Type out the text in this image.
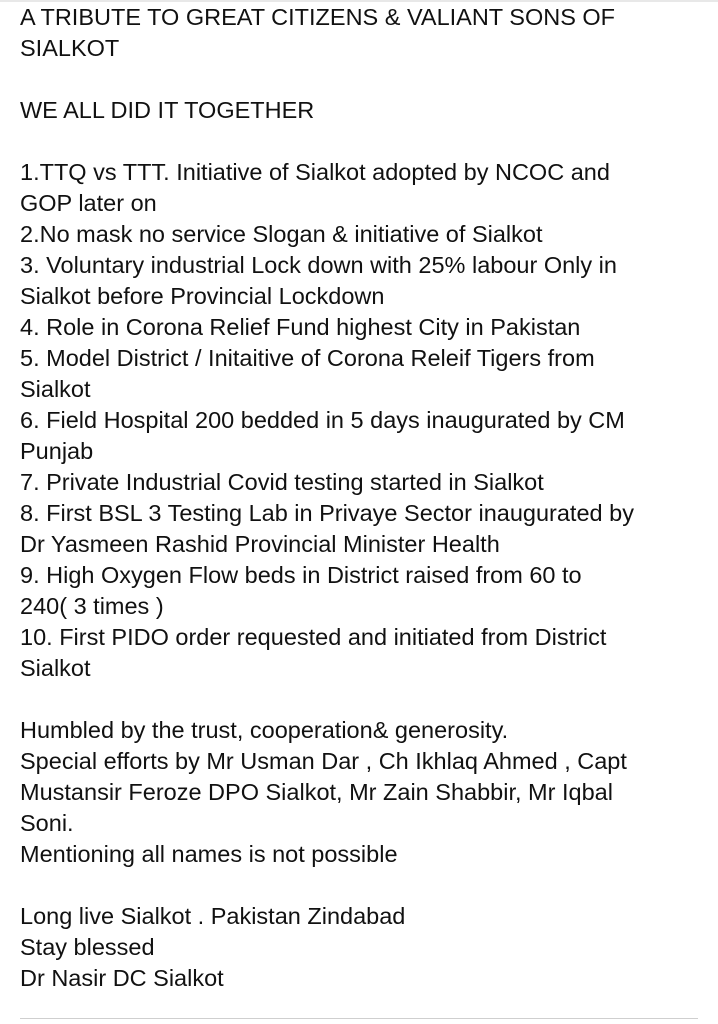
A TRIBUTE TO GREAT CITIZENS & VALIANT SONS OF
SIALKOT
WE ALL DID IT TOGETHER
1.TTQ vs TTT. Initiative of Sialkot adopted by NCOC and
GOP later on
2.No mask no service Slogan & initiative of Sialkot
3. Voluntary industrial Lock down with 25% labour Only in
Sialkot before Provincial Lockdown
4. Role in Corona Relief Fund highest City in Pakistan
5. Model District / Initaitive of Corona Releif Tigers from
Sialkot
6. Field Hospital 200 bedded in 5 days inaugurated by CM
Punjab
7. Private Industrial Covid testing started in Sialkot
8. First BSL 3 Testing Lab in Privaye Sector inaugurated by
Dr Yasmeen Rashid Provincial Minister Health
9. High Oxygen Flow beds in District raised from 60 to
240( 3 times )
10. First PIDO order requested and initiated from District
Sialkot
Humbled by the trust, cooperation& generosity.
Special efforts by Mr Usman Dar , Ch Ikhlaq Ahmed , Capt
Mustansir Feroze DPO Sialkot, Mr Zain Shabbir, Mr Iqbal
Soni.
Mentioning all names is not possible
Long live Sialkot . Pakistan Zindabad
Stay blessed
Dr Nasir DC Sialkot
